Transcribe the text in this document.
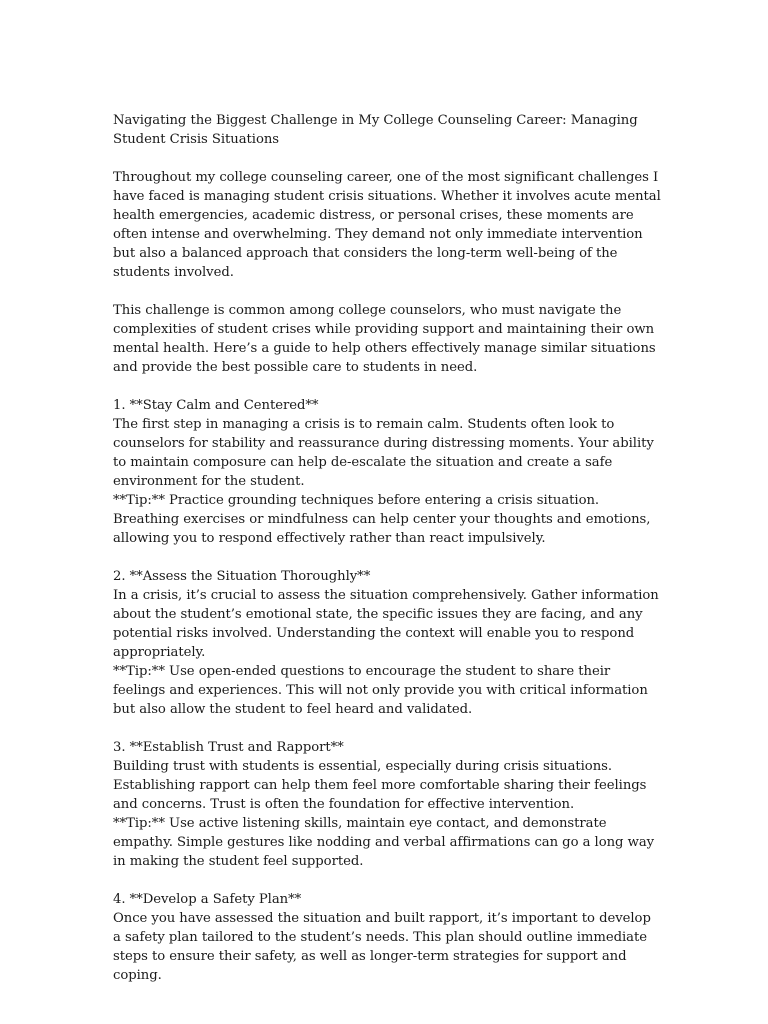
Navigating the Biggest Challenge in My College Counseling Career: Managing Student Crisis Situations

Throughout my college counseling career, one of the most significant challenges I have faced is managing student crisis situations. Whether it involves acute mental health emergencies, academic distress, or personal crises, these moments are often intense and overwhelming. They demand not only immediate intervention but also a balanced approach that considers the long-term well-being of the students involved.

This challenge is common among college counselors, who must navigate the complexities of student crises while providing support and maintaining their own mental health. Here’s a guide to help others effectively manage similar situations and provide the best possible care to students in need.

1. **Stay Calm and Centered**
The first step in managing a crisis is to remain calm. Students often look to counselors for stability and reassurance during distressing moments. Your ability to maintain composure can help de-escalate the situation and create a safe environment for the student.
**Tip:** Practice grounding techniques before entering a crisis situation. Breathing exercises or mindfulness can help center your thoughts and emotions, allowing you to respond effectively rather than react impulsively.
2. **Assess the Situation Thoroughly**
In a crisis, it’s crucial to assess the situation comprehensively. Gather information about the student’s emotional state, the specific issues they are facing, and any potential risks involved. Understanding the context will enable you to respond appropriately.
**Tip:** Use open-ended questions to encourage the student to share their feelings and experiences. This will not only provide you with critical information but also allow the student to feel heard and validated.
3. **Establish Trust and Rapport**
Building trust with students is essential, especially during crisis situations. Establishing rapport can help them feel more comfortable sharing their feelings and concerns. Trust is often the foundation for effective intervention.
**Tip:** Use active listening skills, maintain eye contact, and demonstrate empathy. Simple gestures like nodding and verbal affirmations can go a long way in making the student feel supported.
4. **Develop a Safety Plan**
Once you have assessed the situation and built rapport, it’s important to develop a safety plan tailored to the student’s needs. This plan should outline immediate steps to ensure their safety, as well as longer-term strategies for support and coping.
